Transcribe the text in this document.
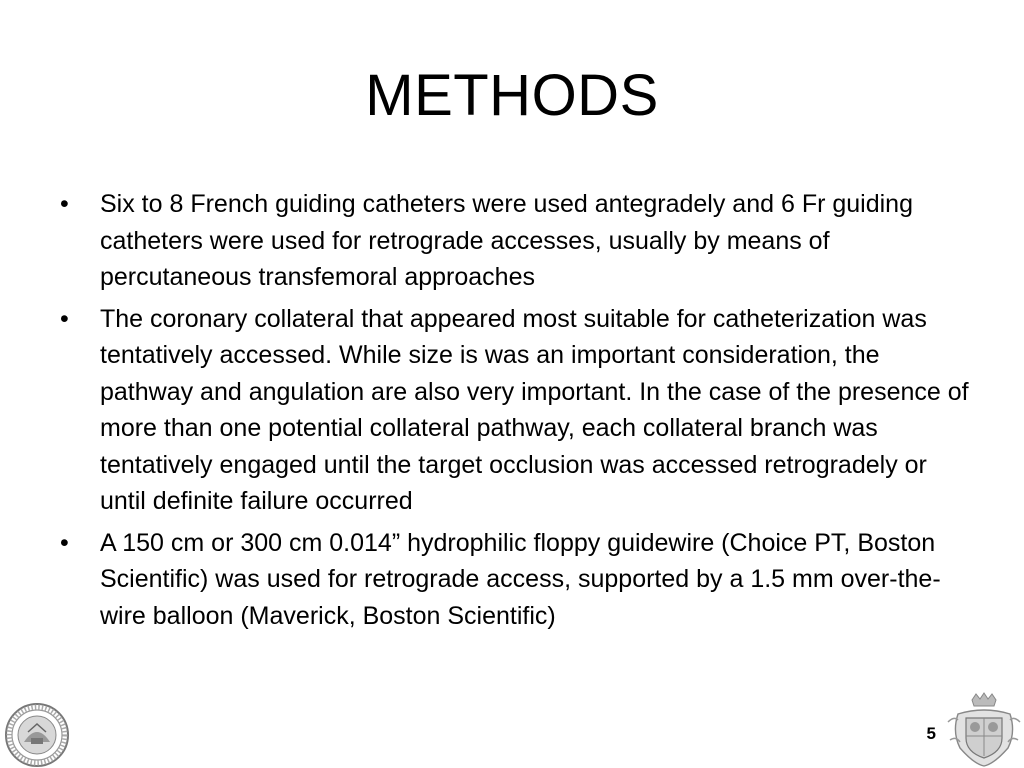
METHODS
•	Six to 8 French guiding catheters were used antegradely and 6 Fr guiding catheters were used for retrograde accesses, usually by means of percutaneous transfemoral approaches
•	The coronary collateral that appeared most suitable for catheterization was tentatively accessed. While size is was an important consideration, the pathway and angulation are also very important. In the case of the presence of more than one potential collateral pathway, each collateral branch was tentatively engaged until the target occlusion was accessed retrogradely or until definite failure occurred
•	A 150 cm or 300 cm 0.014” hydrophilic floppy guidewire (Choice PT, Boston Scientific) was used for retrograde access, supported by a 1.5 mm over-the-wire balloon (Maverick, Boston Scientific)
5
